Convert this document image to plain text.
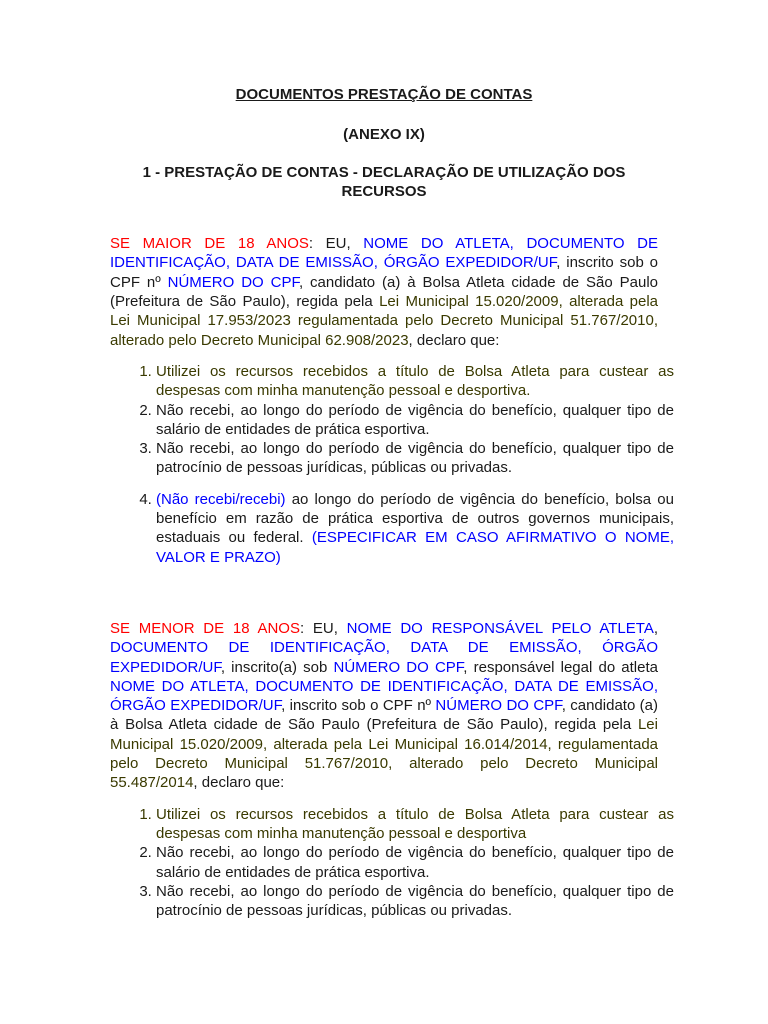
DOCUMENTOS PRESTAÇÃO DE CONTAS

(ANEXO IX)

1 - PRESTAÇÃO DE CONTAS - DECLARAÇÃO DE UTILIZAÇÃO DOS RECURSOS

SE MAIOR DE 18 ANOS: EU, NOME DO ATLETA, DOCUMENTO DE IDENTIFICAÇÃO, DATA DE EMISSÃO, ÓRGÃO EXPEDIDOR/UF, inscrito sob o CPF nº NÚMERO DO CPF, candidato (a) à Bolsa Atleta cidade de São Paulo (Prefeitura de São Paulo), regida pela Lei Municipal 15.020/2009, alterada pela Lei Municipal 17.953/2023 regulamentada pelo Decreto Municipal 51.767/2010, alterado pelo Decreto Municipal 62.908/2023, declaro que:

1. Utilizei os recursos recebidos a título de Bolsa Atleta para custear as despesas com minha manutenção pessoal e desportiva.
2. Não recebi, ao longo do período de vigência do benefício, qualquer tipo de salário de entidades de prática esportiva.
3. Não recebi, ao longo do período de vigência do benefício, qualquer tipo de patrocínio de pessoas jurídicas, públicas ou privadas.
4. (Não recebi/recebi) ao longo do período de vigência do benefício, bolsa ou benefício em razão de prática esportiva de outros governos municipais, estaduais ou federal. (ESPECIFICAR EM CASO AFIRMATIVO O NOME, VALOR E PRAZO)

SE MENOR DE 18 ANOS: EU, NOME DO RESPONSÁVEL PELO ATLETA, DOCUMENTO DE IDENTIFICAÇÃO, DATA DE EMISSÃO, ÓRGÃO EXPEDIDOR/UF, inscrito(a) sob NÚMERO DO CPF, responsável legal do atleta NOME DO ATLETA, DOCUMENTO DE IDENTIFICAÇÃO, DATA DE EMISSÃO, ÓRGÃO EXPEDIDOR/UF, inscrito sob o CPF nº NÚMERO DO CPF, candidato (a) à Bolsa Atleta cidade de São Paulo (Prefeitura de São Paulo), regida pela Lei Municipal 15.020/2009, alterada pela Lei Municipal 16.014/2014, regulamentada pelo Decreto Municipal 51.767/2010, alterado pelo Decreto Municipal 55.487/2014, declaro que:

1. Utilizei os recursos recebidos a título de Bolsa Atleta para custear as despesas com minha manutenção pessoal e desportiva
2. Não recebi, ao longo do período de vigência do benefício, qualquer tipo de salário de entidades de prática esportiva.
3. Não recebi, ao longo do período de vigência do benefício, qualquer tipo de patrocínio de pessoas jurídicas, públicas ou privadas.
